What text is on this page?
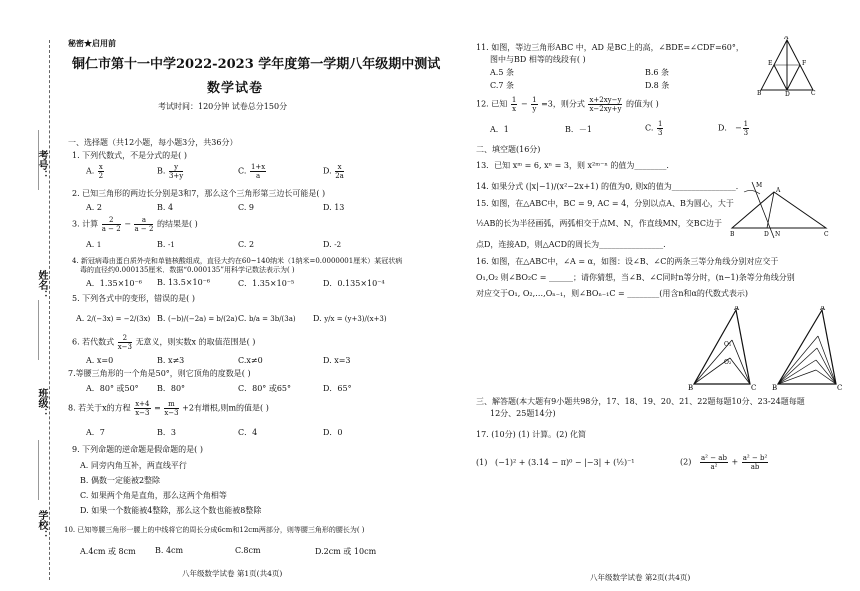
考号：
姓名：
班级：
学校：
秘密★启用前
铜仁市第十一中学2022-2023 学年度第一学期八年级期中测试
数学试卷
考试时间：120分钟 试卷总分150分
一、选择题（共12小题，每小题3分，共36分）
1. 下列代数式，不是分式的是( )
A. $\frac{x}{2}$	B. $\frac{y}{3+y}$	C. $\frac{1+x}{a}$	D. $\frac{x}{2a}$
2. 已知三角形的两边长分别是3和7，那么这个三角形第三边长可能是( )
A. 2	B. 4	C. 9	D. 13
3. 计算 $\frac{2}{a - 2} - \frac{a}{a - 2}$ 的结果是( )
A. 1	B. -1	C. 2	D. -2
4. 新冠病毒由蛋白质外壳和单链核酸组成，直径大约在60~140纳米（1纳米=0.0000001厘米）某冠状病
毒的直径约0.000135厘米．数据“0.000135”用科学记数法表示为( )
A．1.35×10⁻⁶ B. 13.5×10⁻⁶	C．1.35×10⁻⁵	D．0.135×10⁻⁴
5. 下列各式中的变形，错误的是( )
A. 2/(−3x) = −2/(3x) B. (−b)/(−2a) = b/(2a) C. b/a = 3b/(3a) D. y/x = (y+3)/(x+3)
6. 若代数式 $\frac{2}{x-3}$ 无意义，则实数x 的取值范围是( )
A. x=0	B. x≠3	C.x≠0	D. x=3
7.等腰三角形的一个角是50°，则它顶角的度数是( )
A．80° 或50° B．80°	C．80° 或65°	D．65°
8. 若关于x的方程 $\frac{x+4}{x-3} = \frac{m}{x-3} +2$有增根,则m的值是( )
A．7	B．3	C．4	D．0
9. 下列命题的逆命题是假命题的是( )
A. 同旁内角互补，两直线平行
B. 偶数一定能被2整除
C. 如果两个角是直角，那么这两个角相等
D. 如果一个数能被4整除，那么这个数也能被8整除
10. 已知等腰三角形一腰上的中线将它的周长分成6cm和12cm两部分，则等腰三角形的腰长为( )
A.4cm 或 8cm B. 4cm	C.8cm	D.2cm 或 10cm
八年级数学试卷 第1页(共4页)
11. 如图，等边三角形ABC 中，AD 是BC上的高，∠BDE=∠CDF=60°，
图中与BD 相等的线段有( )
A.5 条	B.6 条
C.7 条	D.8 条
A
B	C
D
E	F
12. 已知 $\frac{1}{x} - \frac{1}{y} =3$，则分式 $\frac{x+2xy-y}{x-2xy+y}$ 的值为( )
A．1	B．－1	C. $\frac{1}{3}$	D． − $\frac{1}{3}$
二、填空题(16分)
13．已知 xᵐ = 6, xⁿ = 3，则 x²ᵐ⁻ⁿ 的值为________．
14. 如果分式 (|x|−1)/(x²−2x+1) 的值为0, 则x的值为________________．
15. 如图，在△ABC中，BC = 9, AC = 4，分别以点A、B为圆心，大于
½AB的长为半径画弧，两弧相交于点M、N，作直线MN，交BC边于
点D，连接AD，则△ACD的周长为________________.
M
A
B	C
D N
16. 如图，在△ABC中，∠A = α，如图：设∠B、∠C的两条三等分角线分别对应交于
O₁,O₂ 则∠BO₂C = ______；请你猜想，当∠B、∠C同时n等分时，(n−1)条等分角线分别
对应交于O₁, O₂,…,Oₙ₋₁，则∠BOₙ₋₁C = ________(用含n和α的代数式表示)
A
B	C
O₁
O₂
A
B	C
三、解答题(本大题有9小题共98分，17、18、19、20、21、22题每题10分、23-24题每题
12分、25题14分)
17. (10分) (1) 计算。(2) 化简
(1) (−1)² + (3.14 − π)⁰ − |−3| + (½)⁻¹	$(2) \frac{\text{a² − ab}}{\text{a²}} + \frac{\text{a² − b²}}{ab}$
八年级数学试卷 第2页(共4页)
